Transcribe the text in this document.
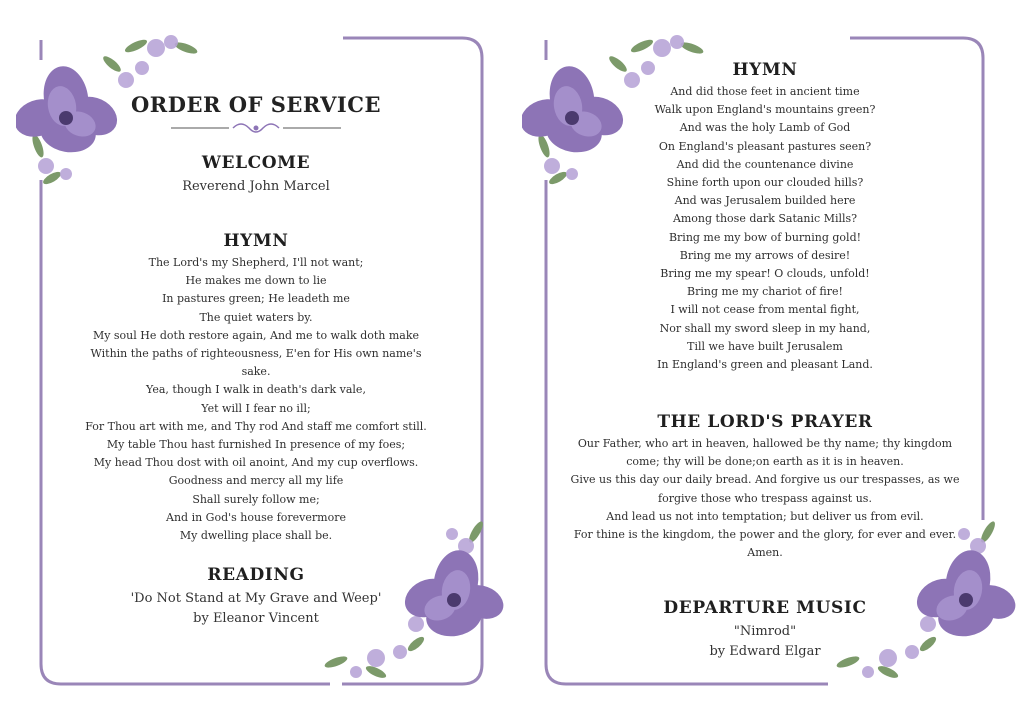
ORDER OF SERVICE
WELCOME
Reverend John Marcel
HYMN
The Lord's my Shepherd, I'll not want;
He makes me down to lie
In pastures green; He leadeth me
The quiet waters by.
My soul He doth restore again, And me to walk doth make
Within the paths of righteousness, E'en for His own name's sake.
Yea, though I walk in death's dark vale,
Yet will I fear no ill;
For Thou art with me, and Thy rod And staff me comfort still.
My table Thou hast furnished In presence of my foes;
My head Thou dost with oil anoint, And my cup overflows.
Goodness and mercy all my life
Shall surely follow me;
And in God's house forevermore
My dwelling place shall be.
READING
'Do Not Stand at My Grave and Weep'
by Eleanor Vincent
HYMN
And did those feet in ancient time
Walk upon England's mountains green?
And was the holy Lamb of God
On England's pleasant pastures seen?
And did the countenance divine
Shine forth upon our clouded hills?
And was Jerusalem builded here
Among those dark Satanic Mills?
Bring me my bow of burning gold!
Bring me my arrows of desire!
Bring me my spear! O clouds, unfold!
Bring me my chariot of fire!
I will not cease from mental fight,
Nor shall my sword sleep in my hand,
Till we have built Jerusalem
In England's green and pleasant Land.
THE LORD'S PRAYER
Our Father, who art in heaven, hallowed be thy name; thy kingdom
come; thy will be done;on earth as it is in heaven.
Give us this day our daily bread. And forgive us our trespasses, as we
forgive those who trespass against us.
And lead us not into temptation; but deliver us from evil.
For thine is the kingdom, the power and the glory, for ever and ever.
Amen.
DEPARTURE MUSIC
"Nimrod"
by Edward Elgar
